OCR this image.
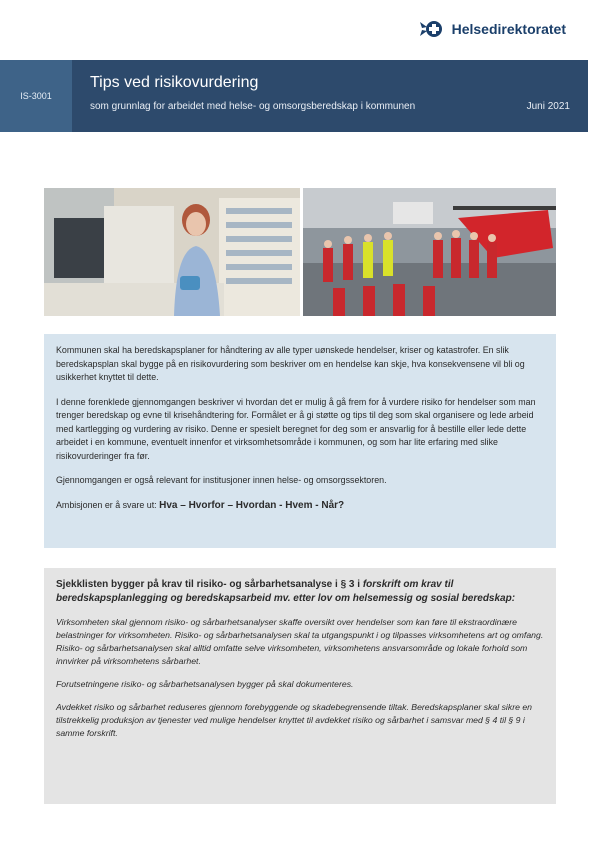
Helsedirektoratet
IS-3001
Tips ved risikovurdering
som grunnlag for arbeidet med helse- og omsorgsberedskap i kommunen	Juni 2021

Kommunen skal ha beredskapsplaner for håndtering av alle typer uønskede hendelser, kriser og katastrofer. En slik beredskapsplan skal bygge på en risikovurdering som beskriver om en hendelse kan skje, hva konsekvensene vil bli og usikkerhet knyttet til dette.

I denne forenklede gjennomgangen beskriver vi hvordan det er mulig å gå frem for å vurdere risiko for hendelser som man trenger beredskap og evne til krisehåndtering for. Formålet er å gi støtte og tips til deg som skal organisere og lede arbeid med kartlegging og vurdering av risiko. Denne er spesielt beregnet for deg som er ansvarlig for å bestille eller lede dette arbeidet i en kommune, eventuelt innenfor et virksomhetsområde i kommunen, og som har lite erfaring med slike risikovurderinger fra før.

Gjennomgangen er også relevant for institusjoner innen helse- og omsorgssektoren.

Ambisjonen er å svare ut: Hva – Hvorfor – Hvordan - Hvem - Når?

Sjekklisten bygger på krav til risiko- og sårbarhetsanalyse i § 3 i forskrift om krav til beredskapsplanlegging og beredskapsarbeid mv. etter lov om helsemessig og sosial beredskap:

Virksomheten skal gjennom risiko- og sårbarhetsanalyser skaffe oversikt over hendelser som kan føre til ekstraordinære belastninger for virksomheten. Risiko- og sårbarhetsanalysen skal ta utgangspunkt i og tilpasses virksomhetens art og omfang. Risiko- og sårbarhetsanalysen skal alltid omfatte selve virksomheten, virksomhetens ansvarsområde og lokale forhold som innvirker på virksomhetens sårbarhet.

Forutsetningene risiko- og sårbarhetsanalysen bygger på skal dokumenteres.

Avdekket risiko og sårbarhet reduseres gjennom forebyggende og skadebegrensende tiltak. Beredskapsplaner skal sikre en tilstrekkelig produksjon av tjenester ved mulige hendelser knyttet til avdekket risiko og sårbarhet i samsvar med § 4 til § 9 i samme forskrift.
